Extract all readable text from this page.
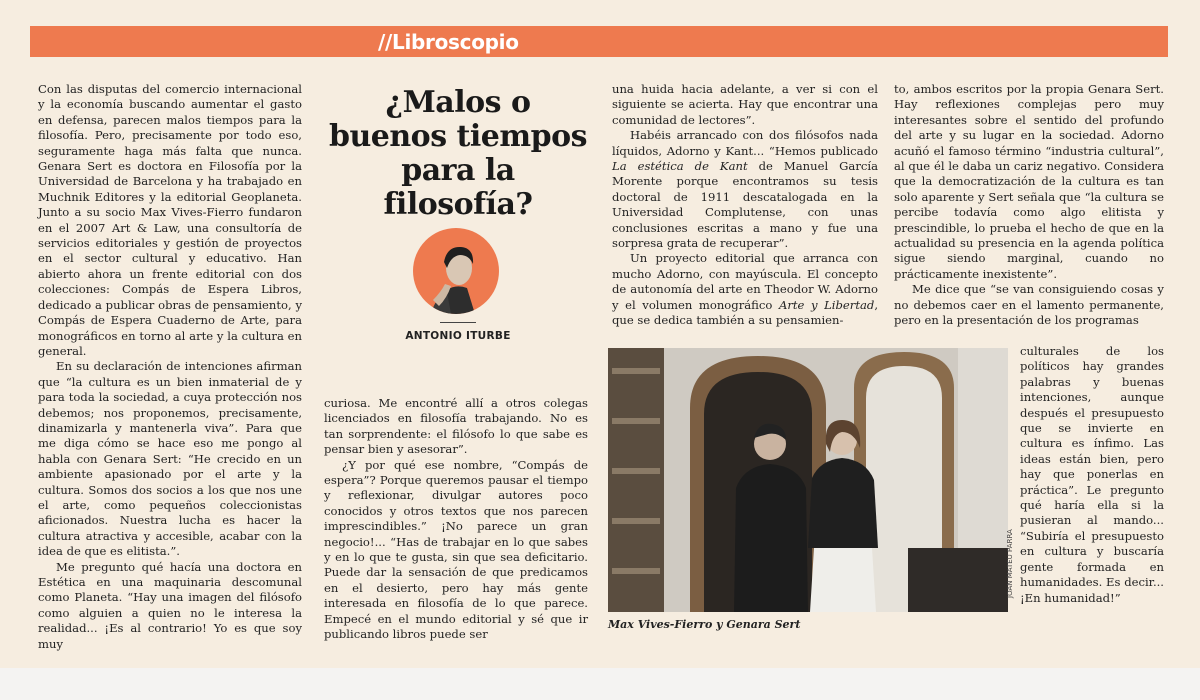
//Libroscopio

Con las disputas del comercio internacional y la economía buscando aumentar el gasto en defensa, parecen malos tiempos para la filosofía. Pero, precisamente por todo eso, seguramente haga más falta que nunca. Genara Sert es doctora en Filosofía por la Universidad de Barcelona y ha trabajado en Muchnik Editores y la editorial Geoplaneta. Junto a su socio Max Vives-Fierro fundaron en el 2007 Art & Law, una consultoría de servicios editoriales y gestión de proyectos en el sector cultural y educativo. Han abierto ahora un frente editorial con dos colecciones: Compás de Espera Libros, dedicado a publicar obras de pensamiento, y Compás de Espera Cuaderno de Arte, para monográficos en torno al arte y la cultura en general.

En su declaración de intenciones afirman que “la cultura es un bien inmaterial de y para toda la sociedad, a cuya protección nos debemos; nos proponemos, precisamente, dinamizarla y mantenerla viva”. Para que me diga cómo se hace eso me pongo al habla con Genara Sert: “He crecido en un ambiente apasionado por el arte y la cultura. Somos dos socios a los que nos une el arte, como pequeños coleccionistas aficionados. Nuestra lucha es hacer la cultura atractiva y accesible, acabar con la idea de que es elitista.”.

Me pregunto qué hacía una doctora en Estética en una maquinaria descomunal como Planeta. “Hay una imagen del filósofo como alguien a quien no le interesa la realidad... ¡Es al contrario! Yo es que soy muy

¿Malos o buenos tiempos para la filosofía?
ANTONIO ITURBE

curiosa. Me encontré allí a otros colegas licenciados en filosofía trabajando. No es tan sorprendente: el filósofo lo que sabe es pensar bien y asesorar”.

¿Y por qué ese nombre, “Compás de espera”? Porque queremos pausar el tiempo y reflexionar, divulgar autores poco conocidos y otros textos que nos parecen imprescindibles.” ¡No parece un gran negocio!... “Has de trabajar en lo que sabes y en lo que te gusta, sin que sea deficitario. Puede dar la sensación de que predicamos en el desierto, pero hay más gente interesada en filosofía de lo que parece. Empecé en el mundo editorial y sé que ir publicando libros puede ser

una huida hacia adelante, a ver si con el siguiente se acierta. Hay que encontrar una comunidad de lectores”.

Habéis arrancado con dos filósofos nada líquidos, Adorno y Kant... “Hemos publicado La estética de Kant de Manuel García Morente porque encontramos su tesis doctoral de 1911 descatalogada en la Universidad Complutense, con unas conclusiones escritas a mano y fue una sorpresa grata de recuperar”.

Un proyecto editorial que arranca con mucho Adorno, con mayúscula. El concepto de autonomía del arte en Theodor W. Adorno y el volumen monográfico Arte y Libertad, que se dedica también a su pensamien-

to, ambos escritos por la propia Genara Sert. Hay reflexiones complejas pero muy interesantes sobre el sentido del profundo del arte y su lugar en la sociedad. Adorno acuñó el famoso término “industria cultural”, al que él le daba un cariz negativo. Considera que la democratización de la cultura es tan solo aparente y Sert señala que “la cultura se percibe todavía como algo elitista y prescindible, lo prueba el hecho de que en la actualidad su presencia en la agenda política sigue siendo marginal, cuando no prácticamente inexistente”.

Me dice que “se van consiguiendo cosas y no debemos caer en el lamento permanente, pero en la presentación de los programas

culturales de los políticos hay grandes palabras y buenas intenciones, aunque después el presupuesto que se invierte en cultura es ínfimo. Las ideas están bien, pero hay que ponerlas en práctica”. Le pregunto qué haría ella si la pusieran al mando... “Subiría el presupuesto en cultura y buscaría gente formada en humanidades. Es decir... ¡En humanidad!”

Max Vives-Fierro y Genara Sert
JOAN MATEU PARRA
